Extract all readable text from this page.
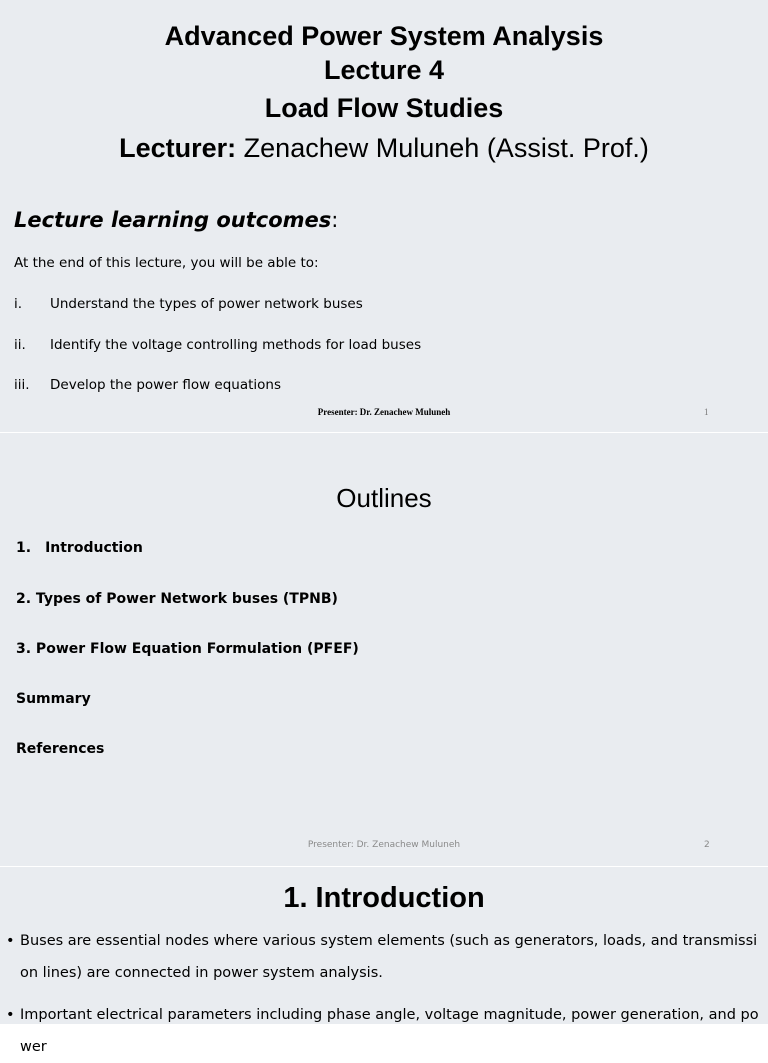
Advanced Power System Analysis
Lecture 4
Load Flow Studies
Lecturer: Zenachew Muluneh (Assist. Prof.)
Lecture learning outcomes:
At the end of this lecture, you will be able to:
i. Understand the types of power network buses
ii. Identify the voltage controlling methods for load buses
iii. Develop the power flow equations
Presenter: Dr. Zenachew Muluneh	1
Outlines
1. Introduction
2. Types of Power Network buses (TPNB)
3. Power Flow Equation Formulation (PFEF)
Summary
References
Presenter: Dr. Zenachew Muluneh	2
1. Introduction
• Buses are essential nodes where various system elements (such as generators, loads, and transmission lines) are connected in power system analysis.
• Important electrical parameters including phase angle, voltage magnitude, power generation, and power
